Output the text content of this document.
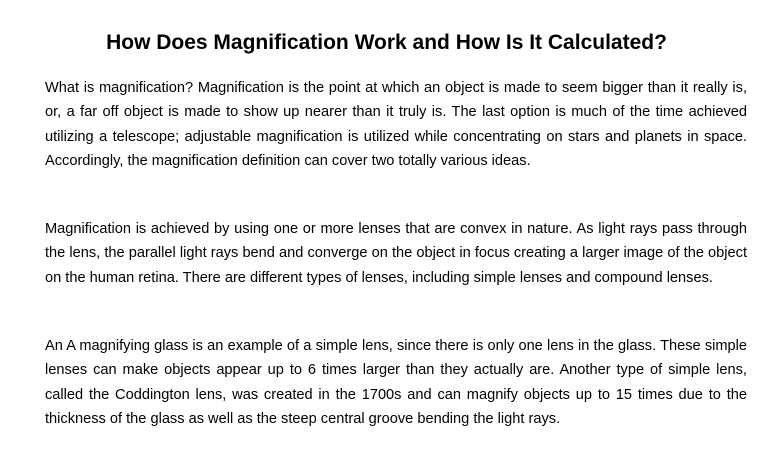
How Does Magnification Work and How Is It Calculated?

What is magnification? Magnification is the point at which an object is made to seem bigger than it really is, or, a far off object is made to show up nearer than it truly is. The last option is much of the time achieved utilizing a telescope; adjustable magnification is utilized while concentrating on stars and planets in space. Accordingly, the magnification definition can cover two totally various ideas.

Magnification is achieved by using one or more lenses that are convex in nature. As light rays pass through the lens, the parallel light rays bend and converge on the object in focus creating a larger image of the object on the human retina. There are different types of lenses, including simple lenses and compound lenses.

An A magnifying glass is an example of a simple lens, since there is only one lens in the glass. These simple lenses can make objects appear up to 6 times larger than they actually are. Another type of simple lens, called the Coddington lens, was created in the 1700s and can magnify objects up to 15 times due to the thickness of the glass as well as the steep central groove bending the light rays.
